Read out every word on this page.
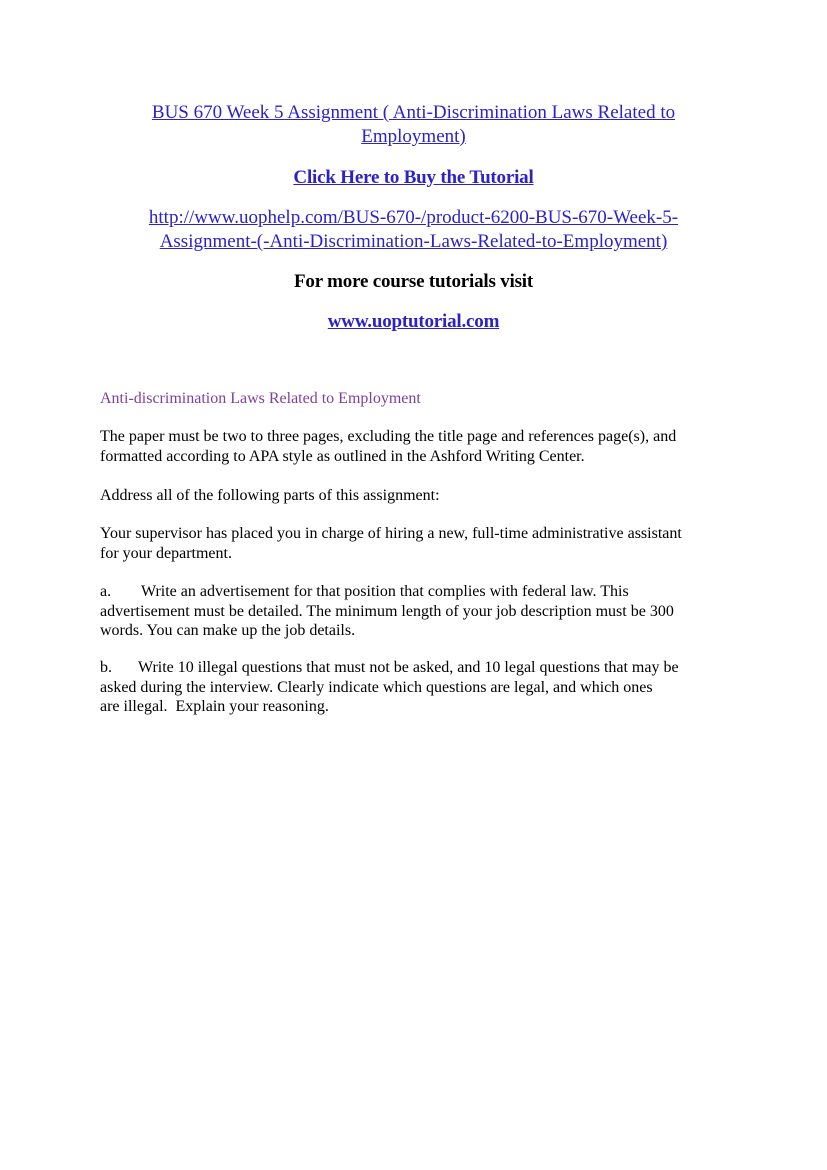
BUS 670 Week 5 Assignment ( Anti-Discrimination Laws Related to
Employment)
Click Here to Buy the Tutorial
http://www.uophelp.com/BUS-670-/product-6200-BUS-670-Week-5-
Assignment-(-Anti-Discrimination-Laws-Related-to-Employment)
For more course tutorials visit
www.uoptutorial.com
Anti-discrimination Laws Related to Employment

The paper must be two to three pages, excluding the title page and references page(s), and
formatted according to APA style as outlined in the Ashford Writing Center.

Address all of the following parts of this assignment:

Your supervisor has placed you in charge of hiring a new, full-time administrative assistant
for your department.

a. Write an advertisement for that position that complies with federal law. This
advertisement must be detailed. The minimum length of your job description must be 300
words. You can make up the job details.

b. Write 10 illegal questions that must not be asked, and 10 legal questions that may be
asked during the interview. Clearly indicate which questions are legal, and which ones
are illegal.  Explain your reasoning.
